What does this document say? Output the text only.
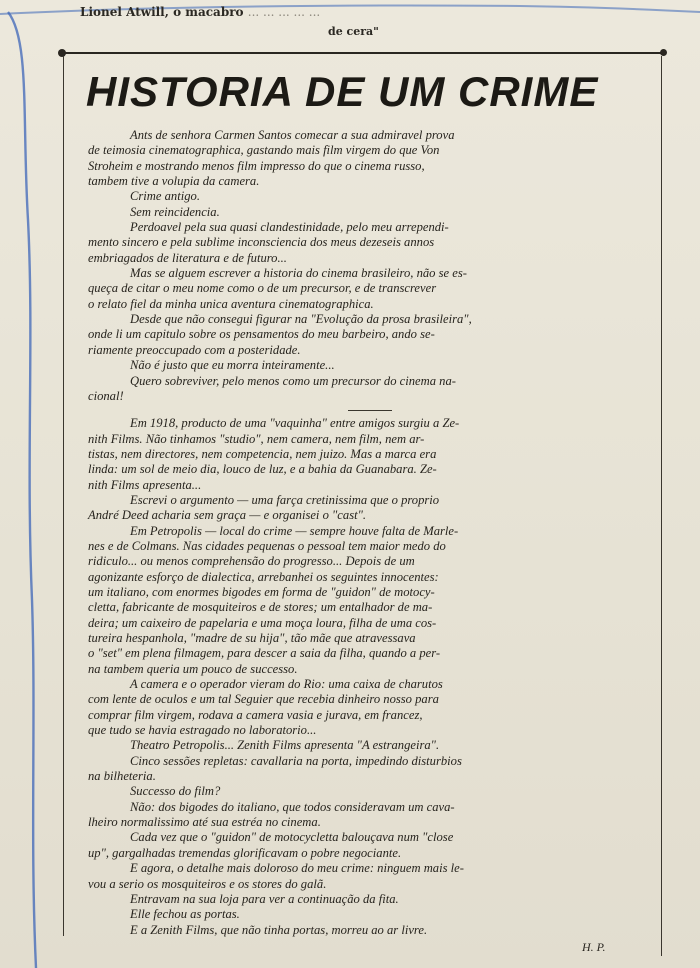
Lionel Atwill, o macabro ... ... ... ... ...
de cera"
HISTORIA DE UM CRIME
Ants de senhora Carmen Santos comecar a sua admiravel prova
de teimosia cinematographica, gastando mais film virgem do que Von
Stroheim e mostrando menos film impresso do que o cinema russo,
tambem tive a volupia da camera.
Crime antigo.
Sem reincidencia.
Perdoavel pela sua quasi clandestinidade, pelo meu arrependi-
mento sincero e pela sublime inconsciencia dos meus dezeseis annos
embriagados de literatura e de futuro...
Mas se alguem escrever a historia do cinema brasileiro, não se es-
queça de citar o meu nome como o de um precursor, e de transcrever
o relato fiel da minha unica aventura cinematographica.
Desde que não consegui figurar na "Evolução da prosa brasileira",
onde li um capitulo sobre os pensamentos do meu barbeiro, ando se-
riamente preoccupado com a posteridade.
Não é justo que eu morra inteiramente...
Quero sobreviver, pelo menos como um precursor do cinema na-
cional!
Em 1918, producto de uma "vaquinha" entre amigos surgiu a Ze-
nith Films. Não tinhamos "studio", nem camera, nem film, nem ar-
tistas, nem directores, nem competencia, nem juizo. Mas a marca era
linda: um sol de meio dia, louco de luz, e a bahia da Guanabara. Ze-
nith Films apresenta...
Escrevi o argumento — uma farça cretinissima que o proprio
André Deed acharia sem graça — e organisei o "cast".
Em Petropolis — local do crime — sempre houve falta de Marle-
nes e de Colmans. Nas cidades pequenas o pessoal tem maior medo do
ridiculo... ou menos comprehensão do progresso... Depois de um
agonizante esforço de dialectica, arrebanhei os seguintes innocentes:
um italiano, com enormes bigodes em forma de "guidon" de motocy-
cletta, fabricante de mosquiteiros e de stores; um entalhador de ma-
deira; um caixeiro de papelaria e uma moça loura, filha de uma cos-
tureira hespanhola, "madre de su hija", tão mãe que atravessava
o "set" em plena filmagem, para descer a saia da filha, quando a per-
na tambem queria um pouco de successo.
A camera e o operador vieram do Rio: uma caixa de charutos
com lente de oculos e um tal Seguier que recebia dinheiro nosso para
comprar film virgem, rodava a camera vasia e jurava, em francez,
que tudo se havia estragado no laboratorio...
Theatro Petropolis... Zenith Films apresenta "A estrangeira".
Cinco sessões repletas: cavallaria na porta, impedindo disturbios
na bilheteria.
Successo do film?
Não: dos bigodes do italiano, que todos consideravam um cava-
lheiro normalissimo até sua estréa no cinema.
Cada vez que o "guidon" de motocycletta balouçava num "close
up", gargalhadas tremendas glorificavam o pobre negociante.
E agora, o detalhe mais doloroso do meu crime: ninguem mais le-
vou a serio os mosquiteiros e os stores do galã.
Entravam na sua loja para ver a continuação da fita.
Elle fechou as portas.
E a Zenith Films, que não tinha portas, morreu ao ar livre.
H. P.
